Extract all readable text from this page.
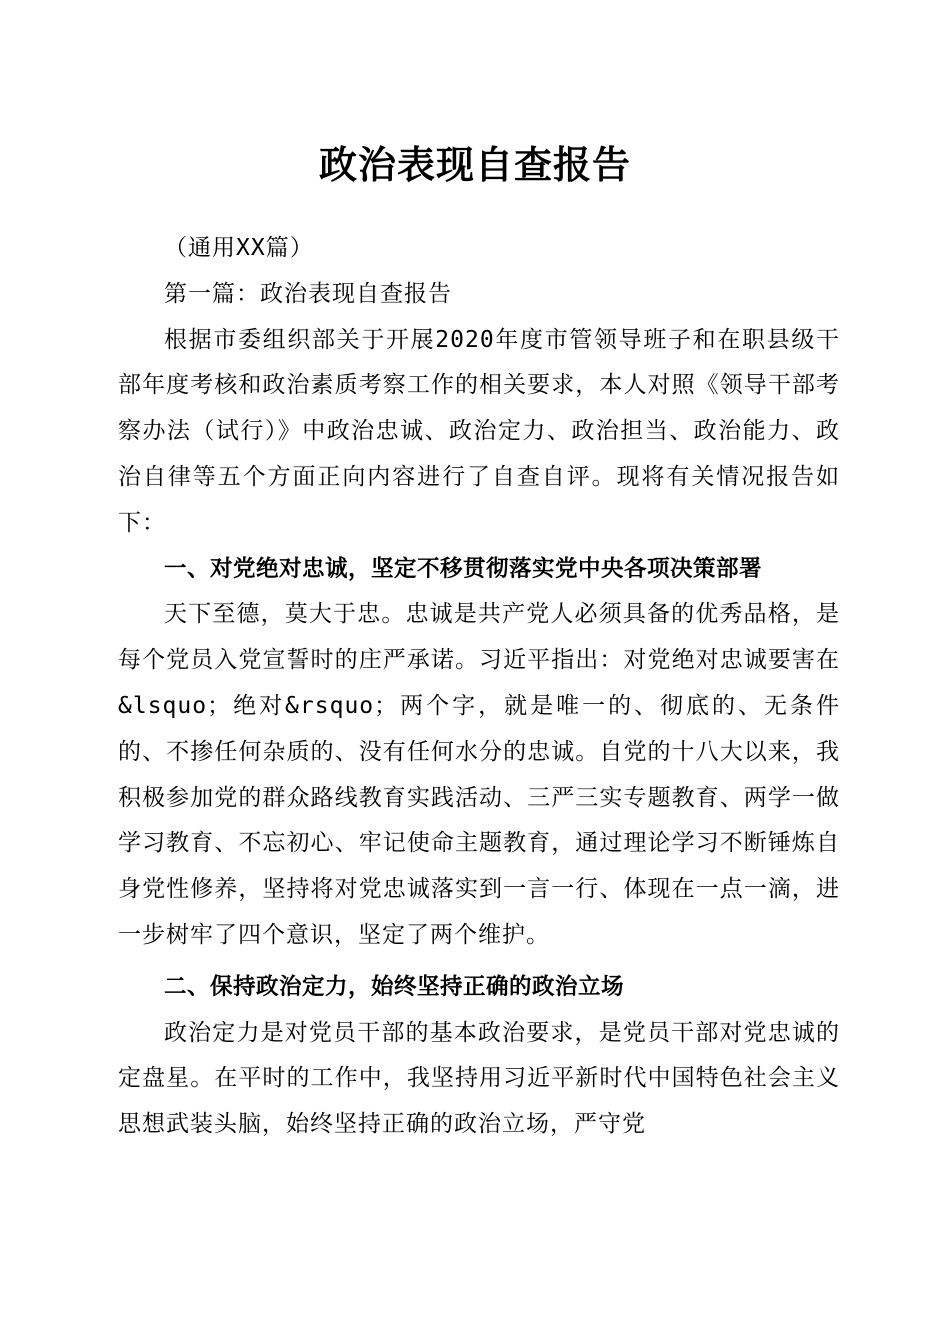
政治表现自查报告

（通用XX篇）

第一篇：政治表现自查报告

根据市委组织部关于开展2020年度市管领导班子和在职县级干部年度考核和政治素质考察工作的相关要求，本人对照《领导干部考察办法（试行）》中政治忠诚、政治定力、政治担当、政治能力、政治自律等五个方面正向内容进行了自查自评。现将有关情况报告如下：

一、对党绝对忠诚，坚定不移贯彻落实党中央各项决策部署

天下至德，莫大于忠。忠诚是共产党人必须具备的优秀品格，是每个党员入党宣誓时的庄严承诺。习近平指出：对党绝对忠诚要害在&lsquo；绝对&rsquo；两个字，就是唯一的、彻底的、无条件的、不掺任何杂质的、没有任何水分的忠诚。自党的十八大以来，我积极参加党的群众路线教育实践活动、三严三实专题教育、两学一做学习教育、不忘初心、牢记使命主题教育，通过理论学习不断锤炼自身党性修养，坚持将对党忠诚落实到一言一行、体现在一点一滴，进一步树牢了四个意识，坚定了两个维护。

二、保持政治定力，始终坚持正确的政治立场

政治定力是对党员干部的基本政治要求，是党员干部对党忠诚的定盘星。在平时的工作中，我坚持用习近平新时代中国特色社会主义思想武装头脑，始终坚持正确的政治立场，严守党
